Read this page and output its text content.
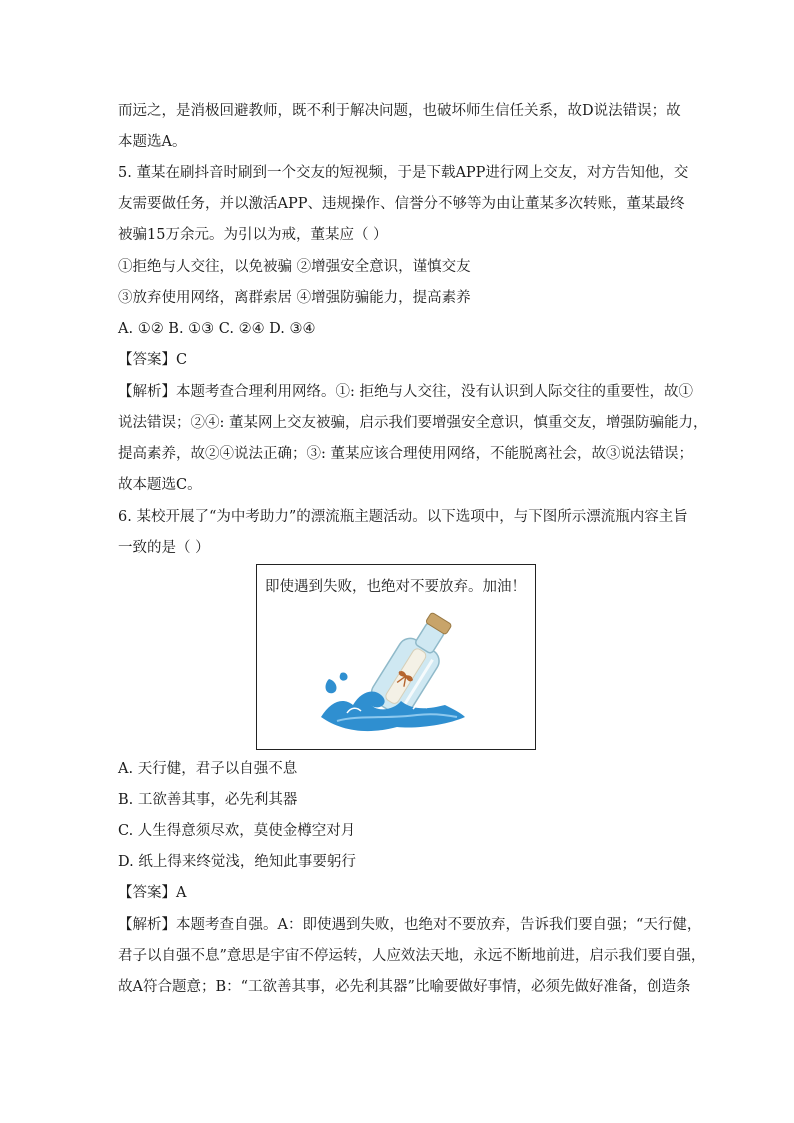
而远之，是消极回避教师，既不利于解决问题，也破坏师生信任关系，故D说法错误；故
本题选A。
5. 董某在刷抖音时刷到一个交友的短视频，于是下载APP进行网上交友，对方告知他，交
友需要做任务，并以激活APP、违规操作、信誉分不够等为由让董某多次转账，董某最终
被骗15万余元。为引以为戒，董某应（ ）
①拒绝与人交往，以免被骗 ②增强安全意识，谨慎交友
③放弃使用网络，离群索居 ④增强防骗能力，提高素养
A. ①② B. ①③ C. ②④ D. ③④
【答案】C
【解析】本题考查合理利用网络。①: 拒绝与人交往，没有认识到人际交往的重要性，故①
说法错误；②④: 董某网上交友被骗，启示我们要增强安全意识，慎重交友，增强防骗能力，
提高素养，故②④说法正确；③: 董某应该合理使用网络，不能脱离社会，故③说法错误；
故本题选C。
6. 某校开展了“为中考助力”的漂流瓶主题活动。以下选项中，与下图所示漂流瓶内容主旨
一致的是（ ）
即使遇到失败，也绝对不要放弃。加油！
A. 天行健，君子以自强不息
B. 工欲善其事，必先利其器
C. 人生得意须尽欢，莫使金樽空对月
D. 纸上得来终觉浅，绝知此事要躬行
【答案】A
【解析】本题考查自强。A：即使遇到失败，也绝对不要放弃，告诉我们要自强；“天行健，
君子以自强不息”意思是宇宙不停运转，人应效法天地，永远不断地前进，启示我们要自强，
故A符合题意；B：“工欲善其事，必先利其器”比喻要做好事情，必须先做好准备，创造条
